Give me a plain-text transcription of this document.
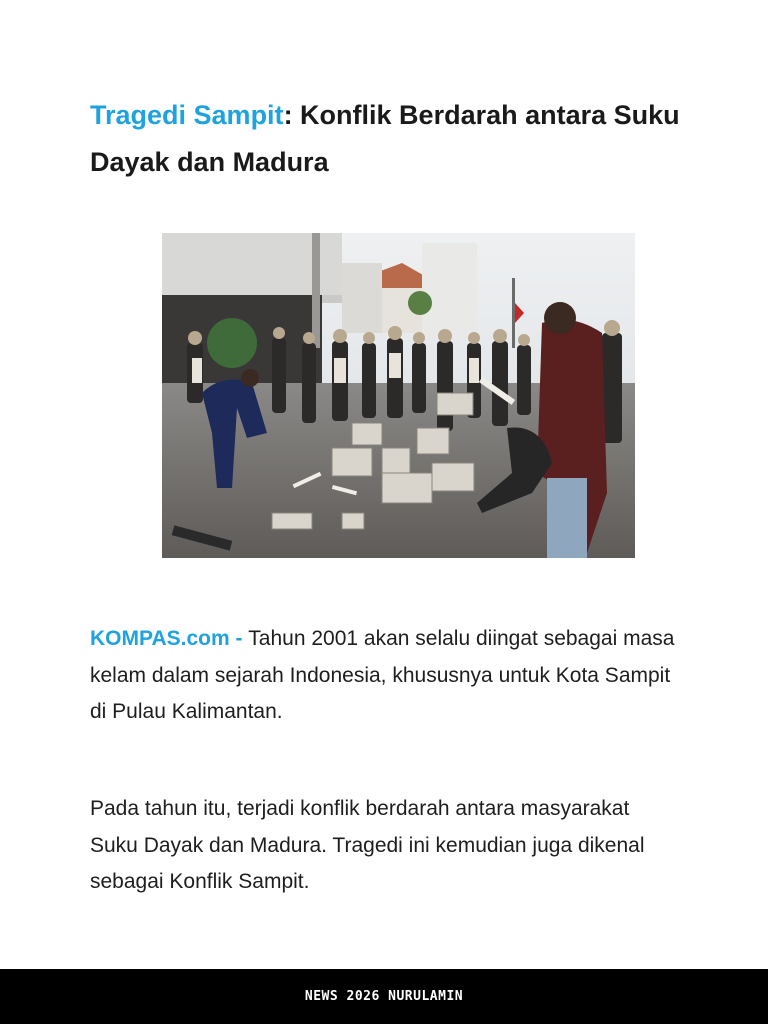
Tragedi Sampit: Konflik Berdarah antara Suku Dayak dan Madura

KOMPAS.com - Tahun 2001 akan selalu diingat sebagai masa kelam dalam sejarah Indonesia, khususnya untuk Kota Sampit di Pulau Kalimantan.

Pada tahun itu, terjadi konflik berdarah antara masyarakat Suku Dayak dan Madura. Tragedi ini kemudian juga dikenal sebagai Konflik Sampit.

NEWS 2026 NURULAMIN
